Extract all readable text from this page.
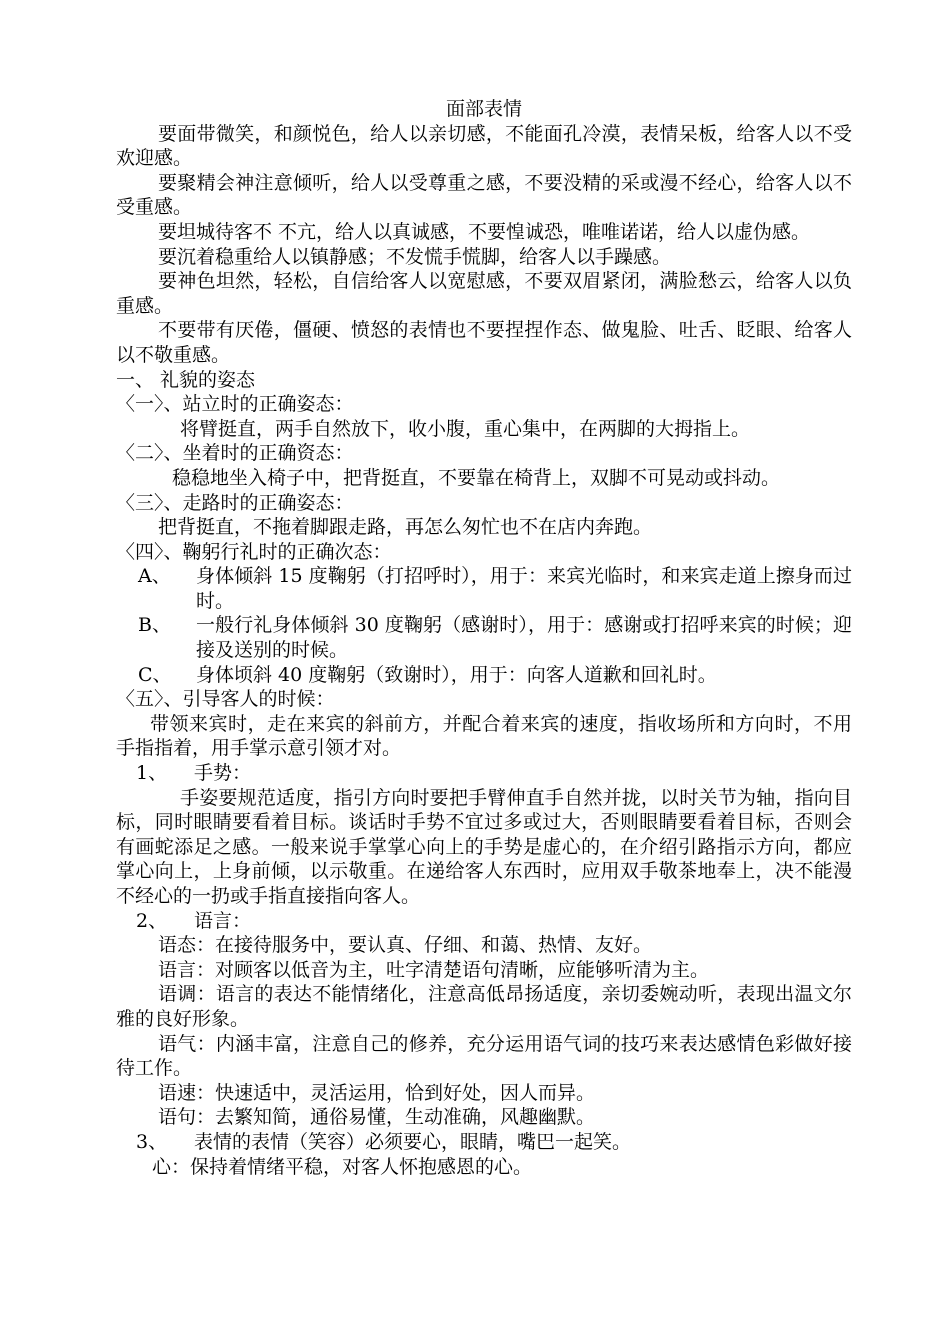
面部表情

要面带微笑，和颜悦色，给人以亲切感，不能面孔冷漠，表情呆板，给客人以不受欢迎感。

要聚精会神注意倾听，给人以受尊重之感，不要没精的采或漫不经心，给客人以不受重感。

要坦城待客不 不亢，给人以真诚感，不要惶诚恐，唯唯诺诺，给人以虚伪感。

要沉着稳重给人以镇静感；不发慌手慌脚，给客人以手躁感。

要神色坦然，轻松，自信给客人以宽慰感，不要双眉紧闭，满脸愁云，给客人以负重感。

不要带有厌倦，僵硬、愤怒的表情也不要捏捏作态、做鬼脸、吐舌、眨眼、给客人以不敬重感。

一、 礼貌的姿态

〈一〉、站立时的正确姿态：

将臂挺直，两手自然放下，收小腹，重心集中，在两脚的大拇指上。

〈二〉、坐着时的正确资态：

稳稳地坐入椅子中，把背挺直，不要靠在椅背上，双脚不可晃动或抖动。

〈三〉、走路时的正确姿态：

把背挺直，不拖着脚跟走路，再怎么匆忙也不在店内奔跑。

〈四〉、鞠躬行礼时的正确次态：

A、	身体倾斜 15 度鞠躬（打招呼时），用于：来宾光临时，和来宾走道上擦身而过时。
B、	一般行礼身体倾斜 30 度鞠躬（感谢时），用于：感谢或打招呼来宾的时候；迎接及送别的时候。
C、	身体顷斜 40 度鞠躬（致谢时），用于：向客人道歉和回礼时。

〈五〉、引导客人的时候：

带领来宾时，走在来宾的斜前方，并配合着来宾的速度，指收场所和方向时，不用手指指着，用手掌示意引领才对。

1、	手势：

手姿要规范适度，指引方向时要把手臂伸直手自然并拢，以时关节为轴，指向目标，同时眼睛要看着目标。谈话时手势不宜过多或过大，否则眼睛要看着目标，否则会有画蛇添足之感。一般来说手掌掌心向上的手势是虚心的，在介绍引路指示方向，都应掌心向上，上身前倾，以示敬重。在递给客人东西时，应用双手敬茶地奉上，决不能漫不经心的一扔或手指直接指向客人。

2、	语言：

语态：在接待服务中，要认真、仔细、和蔼、热情、友好。

语言：对顾客以低音为主，吐字清楚语句清晰，应能够听清为主。

语调：语言的表达不能情绪化，注意高低昂扬适度，亲切委婉动听，表现出温文尔雅的良好形象。

语气：内涵丰富，注意自己的修养，充分运用语气词的技巧来表达感情色彩做好接待工作。

语速：快速适中，灵活运用，恰到好处，因人而异。

语句：去繁知简，通俗易懂，生动准确，风趣幽默。

3、	表情的表情（笑容）必须要心，眼睛，嘴巴一起笑。

心：保持着情绪平稳，对客人怀抱感恩的心。
